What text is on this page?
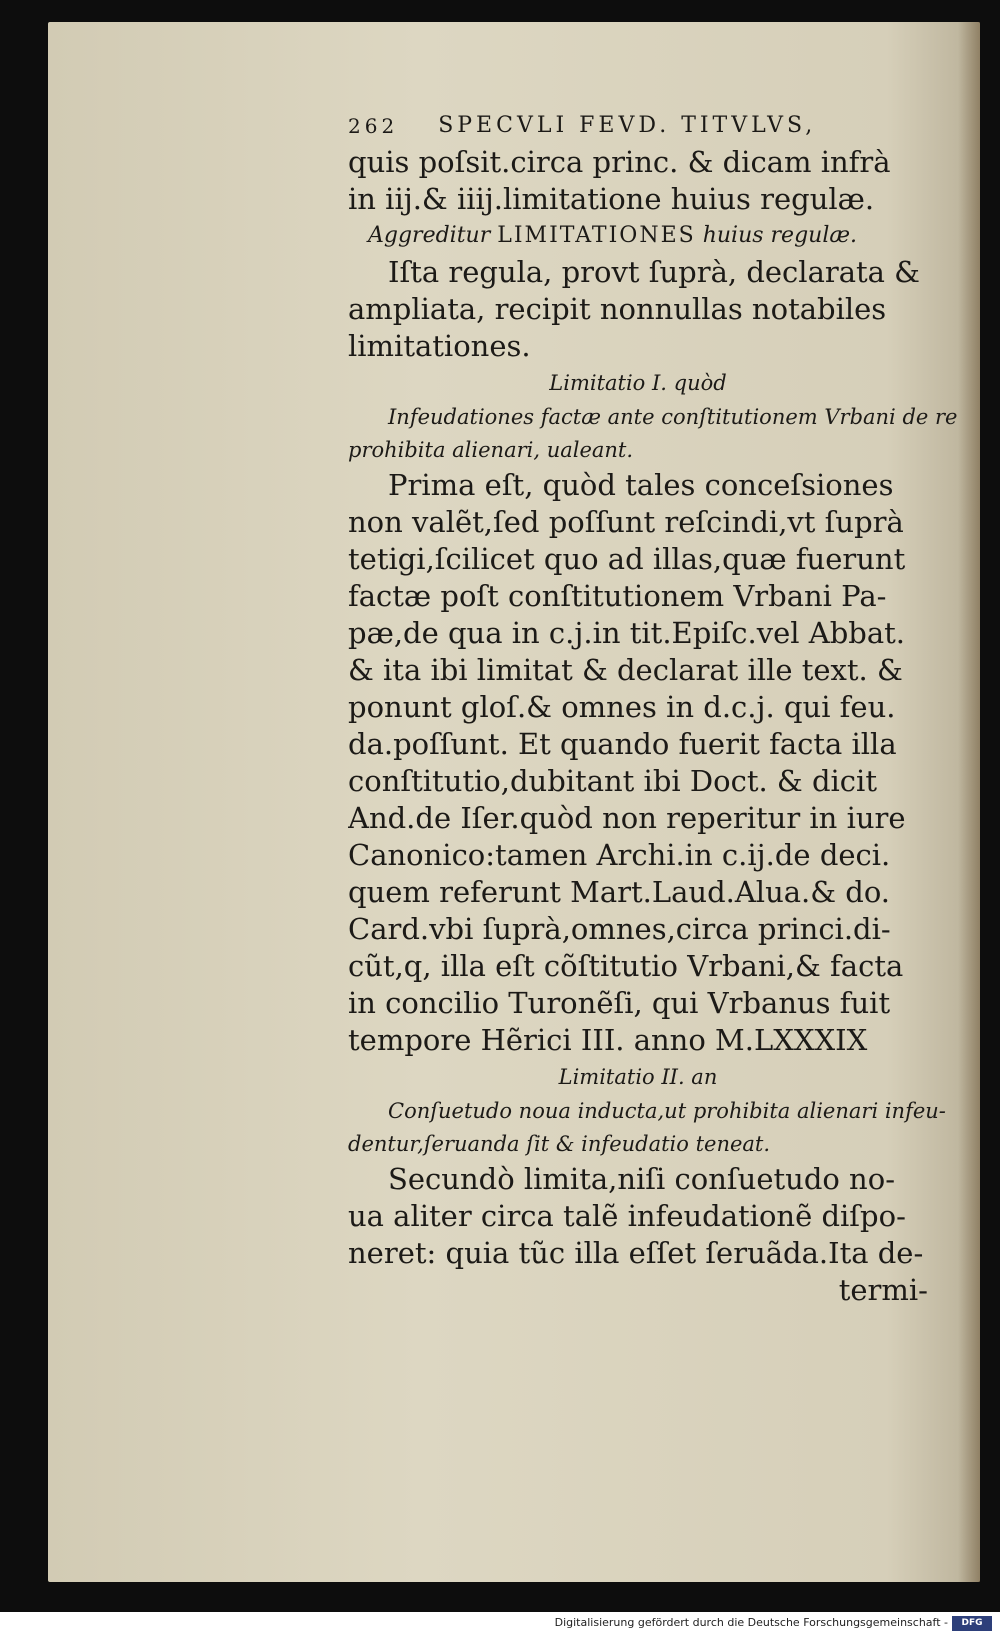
262 SPECVLI FEVD. TITVLVS,
quis poſsit.circa princ. & dicam infrà
in iij.& iiij.limitatione huius regulæ.
Aggreditur LIMITATIONES huius regulæ.
Iſta regula, provt ſuprà, declarata &
ampliata, recipit nonnullas notabiles
limitationes.
Limitatio I. quòd
Infeudationes factæ ante conſtitutionem Vrbani de re
prohibita alienari, ualeant.
Prima eſt, quòd tales conceſsiones
non valẽt,ſed poſſunt reſcindi,vt ſuprà
tetigi,ſcilicet quo ad illas,quæ fuerunt
factæ poſt conſtitutionem Vrbani Pa-
pæ,de qua in c.j.in tit.Epiſc.vel Abbat.
& ita ibi limitat & declarat ille text. &
ponunt gloſ.& omnes in d.c.j. qui feu.
da.poſſunt. Et quando fuerit facta illa
conſtitutio,dubitant ibi Doct. & dicit
And.de Iſer.quòd non reperitur in iure
Canonico:tamen Archi.in c.ij.de deci.
quem referunt Mart.Laud.Alua.& do.
Card.vbi ſuprà,omnes,circa princi.di-
cũt,q, illa eſt cõſtitutio Vrbani,& facta
in concilio Turonẽſi, qui Vrbanus fuit
tempore Hẽrici III. anno M.LXXXIX
Limitatio II. an
Conſuetudo noua inducta,ut prohibita alienari infeu-
dentur,ſeruanda ſit & infeudatio teneat.
Secundò limita,niſi conſuetudo no-
ua aliter circa talẽ infeudationẽ diſpo-
neret: quia tũc illa eſſet ſeruãda.Ita de-
termi-
Digitalisierung gefördert durch die Deutsche Forschungsgemeinschaft -	DFG
